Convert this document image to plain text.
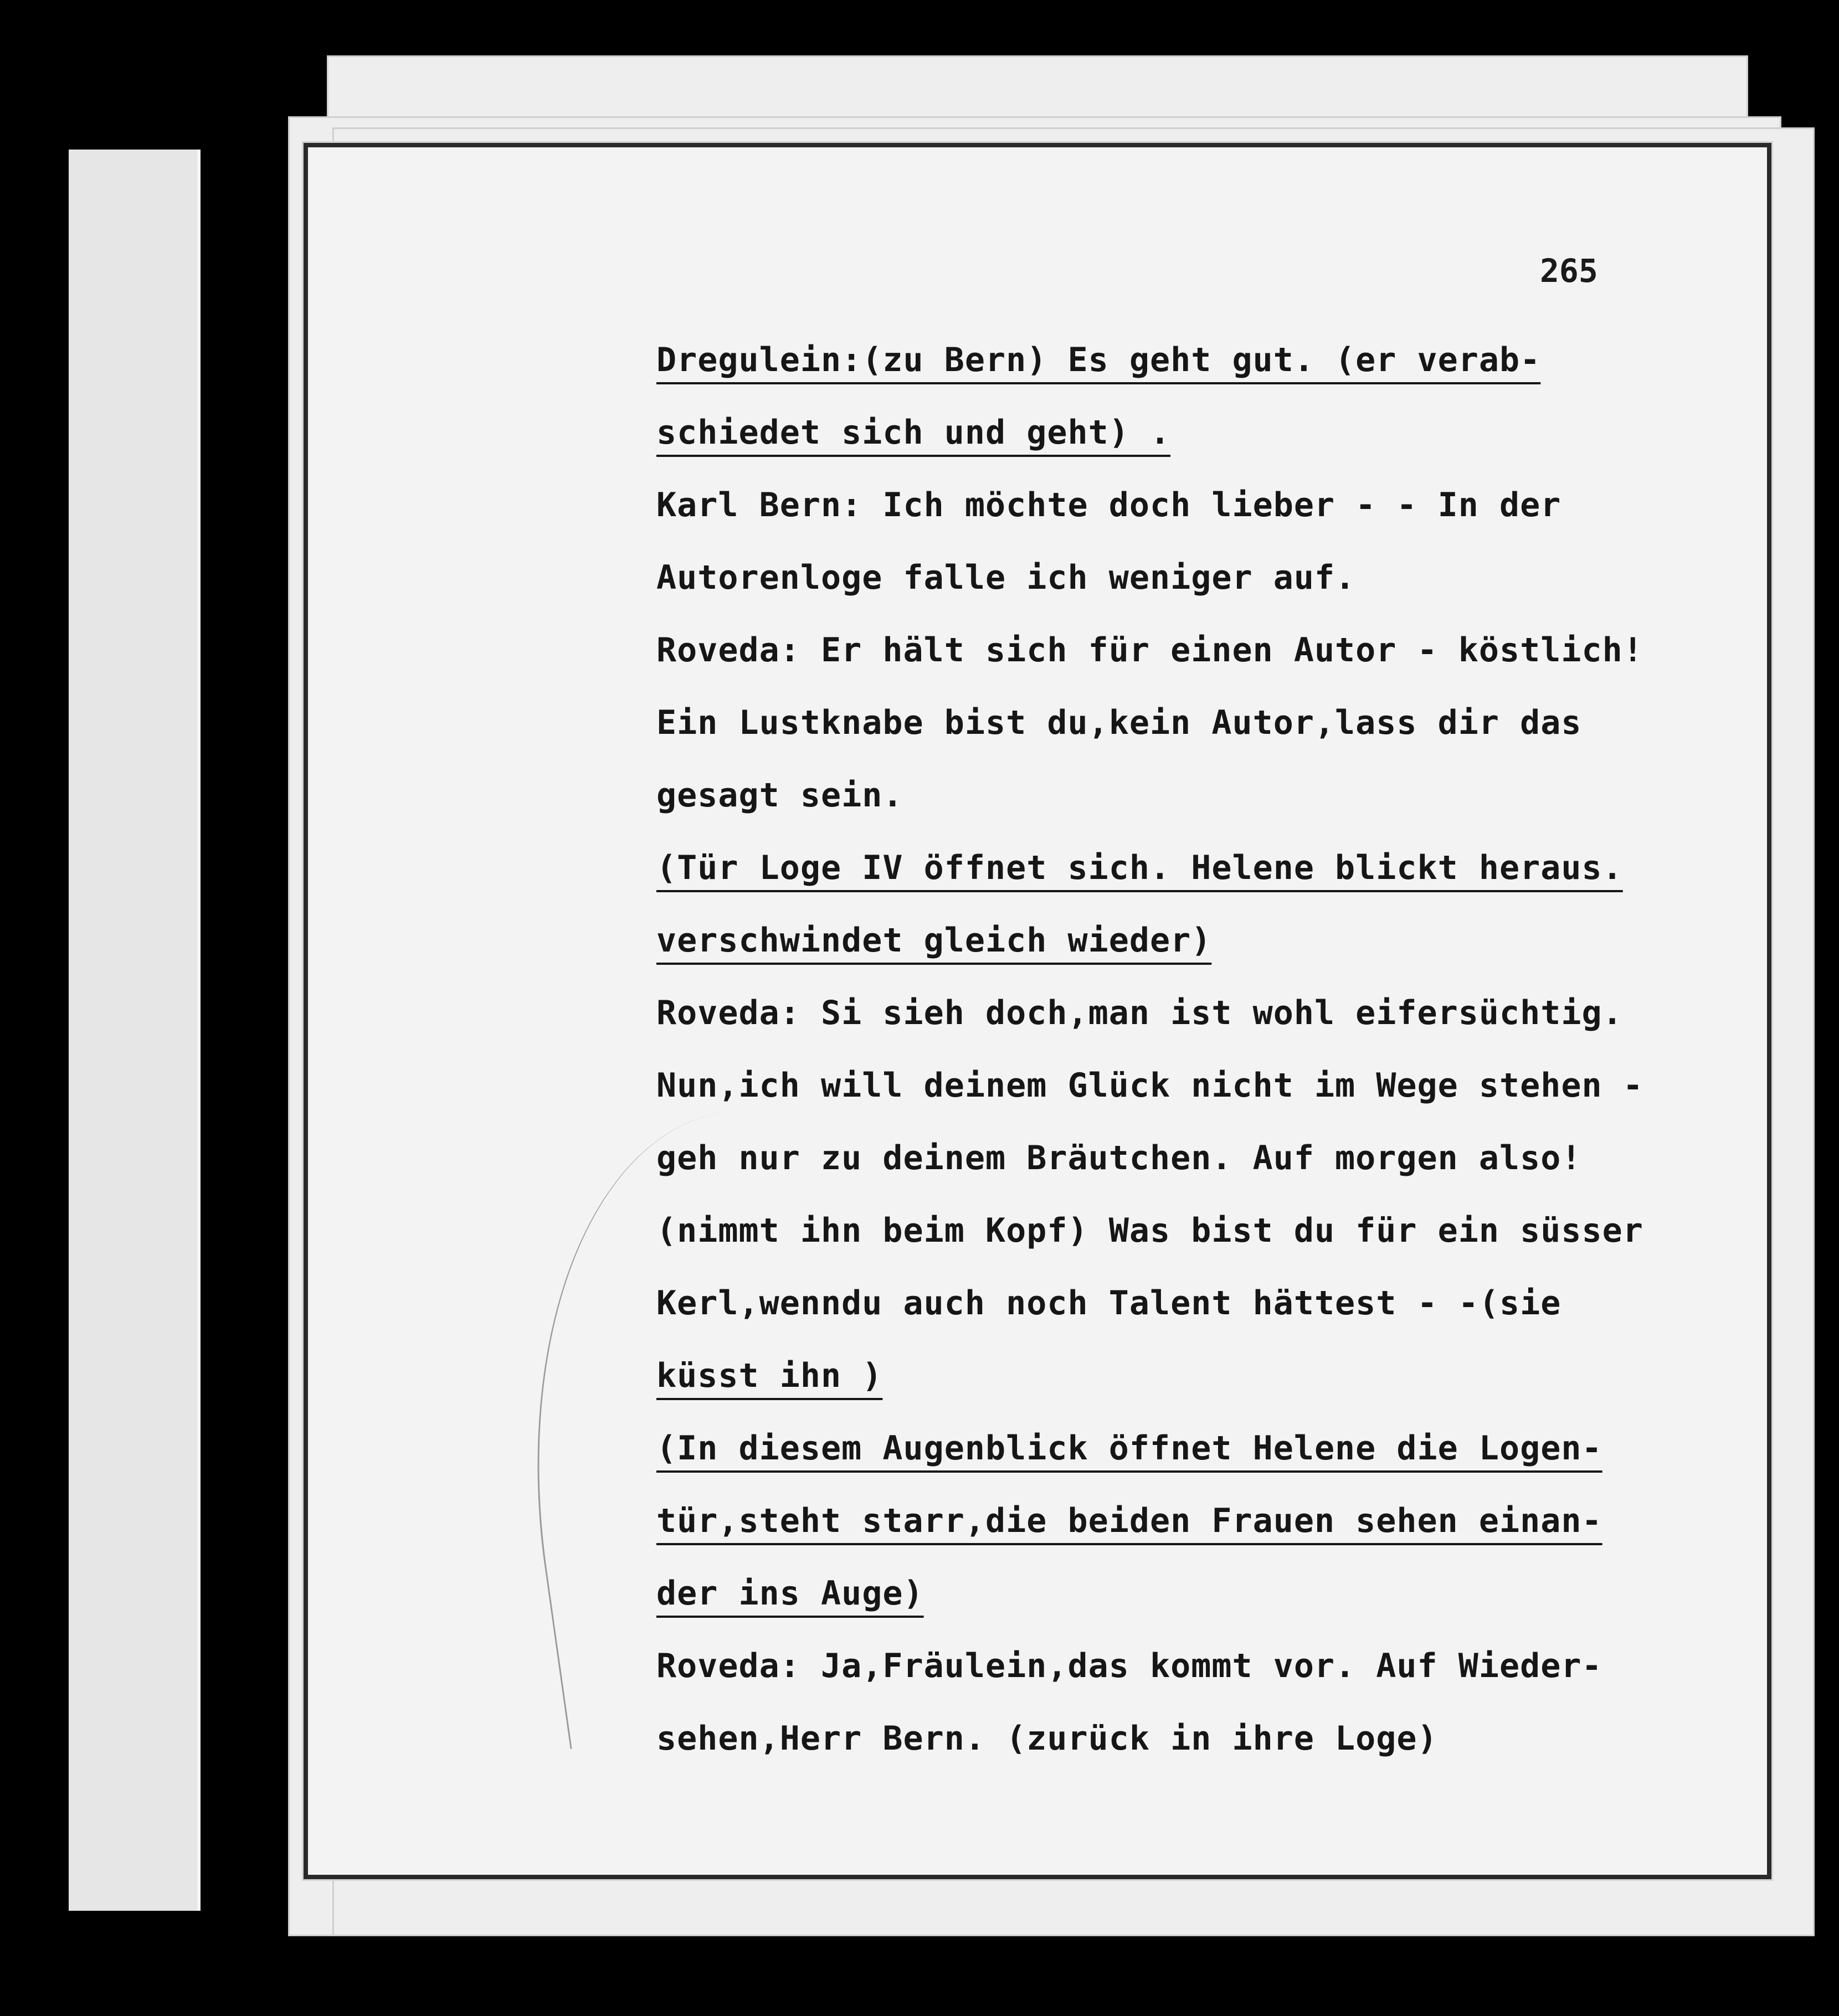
265
Dregulein:(zu Bern) Es geht gut. (er verab-
schiedet sich und geht) .
Karl Bern: Ich möchte doch lieber - - In der
Autorenloge falle ich weniger auf.
Roveda: Er hält sich für einen Autor - köstlich!
Ein Lustknabe bist du,kein Autor,lass dir das
gesagt sein.
(Tür Loge IV öffnet sich. Helene blickt heraus.
verschwindet gleich wieder)
Roveda: Si sieh doch,man ist wohl eifersüchtig.
Nun,ich will deinem Glück nicht im Wege stehen -
geh nur zu deinem Bräutchen. Auf morgen also!
(nimmt ihn beim Kopf) Was bist du für ein süsser
Kerl,wenndu auch noch Talent hättest - -(sie
küsst ihn )
(In diesem Augenblick öffnet Helene die Logen-
tür,steht starr,die beiden Frauen sehen einan-
der ins Auge)
Roveda: Ja,Fräulein,das kommt vor. Auf Wieder-
sehen,Herr Bern. (zurück in ihre Loge)
